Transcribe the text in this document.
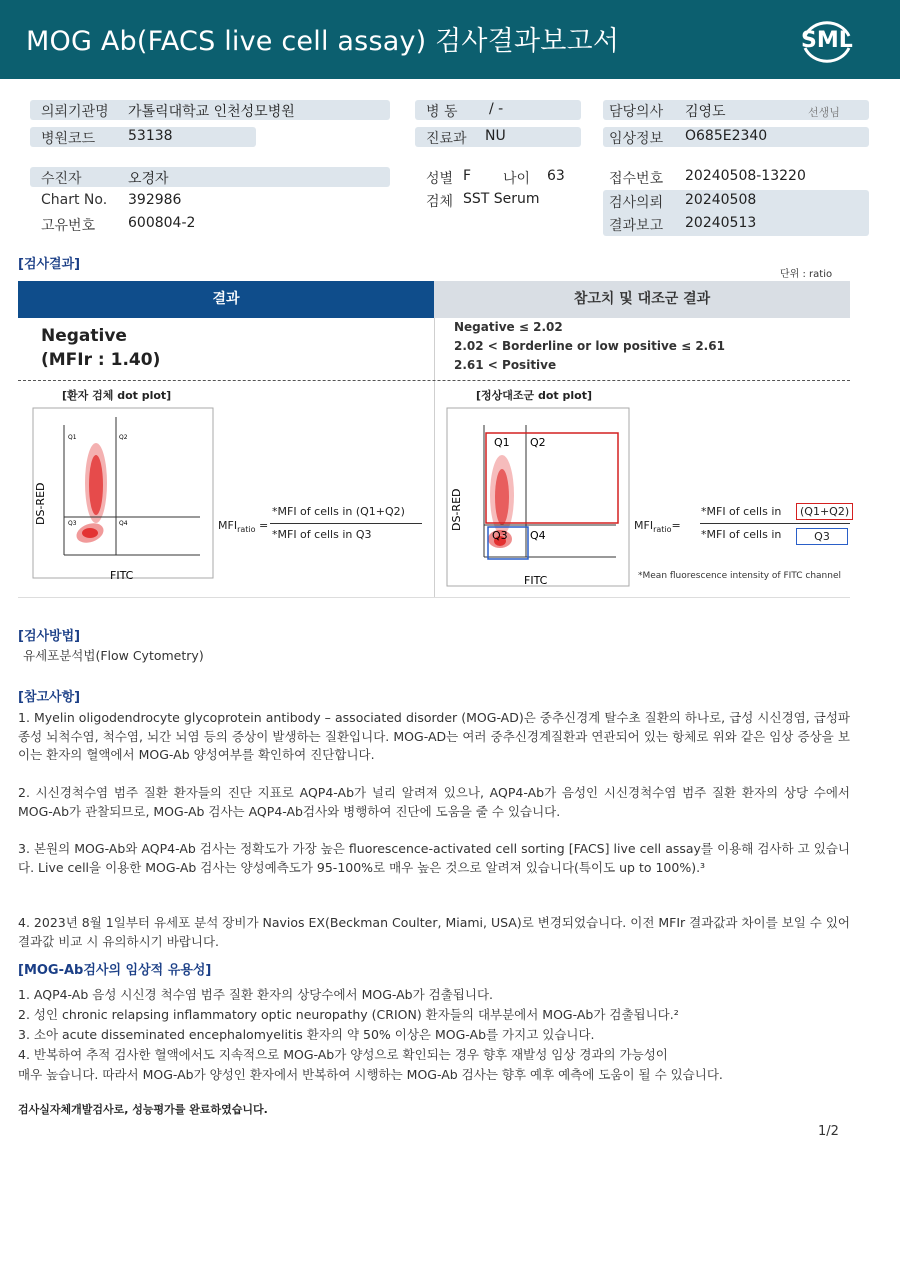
MOG Ab(FACS live cell assay) 검사결과보고서	SML
의뢰기관명 가톨릭대학교 인천성모병원
병원코드 53138
병 동 / -
진료과 NU
담당의사 김영도	선생님
임상정보 O685E2340
수진자	오경자
Chart No. 392986
고유번호 600804-2
성별 F 나이 63
검체 SST Serum
접수번호 20240508-13220
검사의뢰 20240508
결과보고 20240513
[검사결과]
단위 : ratio
결과	참고치 및 대조군 결과
Negative
(MFIr : 1.40)
Negative ≤ 2.02
2.02 < Borderline or low positive ≤ 2.61
2.61 < Positive
[환자 검체 dot plot]
Q1	Q2
Q3	Q4
FITC
DS-RED
$MFI_{ratio}$ =
*MFI of cells in (Q1+Q2)
*MFI of cells in Q3
[정상대조군 dot plot]
Q1 Q2
Q3 Q4
FITC
DS-RED	$MFI_{ratio}=$
*MFI of cells in	(Q1+Q2)
*MFI of cells in	Q3
*Mean fluorescence intensity of FITC channel
[검사방법]
유세포분석법(Flow Cytometry)
[참고사항]
1. Myelin oligodendrocyte glycoprotein antibody – associated disorder (MOG-AD)은 중추신경계 탈수초 질환의 하나로, 급성 시신경염, 급성파종성 뇌척수염, 척수염, 뇌간 뇌염 등의 증상이 발생하는 질환입니다. MOG-AD는 여러 중추신경계질환과 연관되어 있는 항체로 위와 같은 임상 증상을 보이는 환자의 혈액에서 MOG-Ab 양성여부를 확인하여 진단합니다.
2. 시신경척수염 범주 질환 환자들의 진단 지표로 AQP4-Ab가 널리 알려져 있으나, AQP4-Ab가 음성인 시신경척수염 범주 질환 환자의 상당 수에서 MOG-Ab가 관찰되므로, MOG-Ab 검사는 AQP4-Ab검사와 병행하여 진단에 도움을 줄 수 있습니다.
3. 본원의 MOG-Ab와 AQP4-Ab 검사는 정확도가 가장 높은 fluorescence-activated cell sorting [FACS] live cell assay를 이용해 검사하 고 있습니다. Live cell을 이용한 MOG-Ab 검사는 양성예측도가 95-100%로 매우 높은 것으로 알려져 있습니다(특이도 up to 100%).³
4. 2023년 8월 1일부터 유세포 분석 장비가 Navios EX(Beckman Coulter, Miami, USA)로 변경되었습니다. 이전 MFIr 결과값과 차이를 보일 수 있어 결과값 비교 시 유의하시기 바랍니다.
[MOG-Ab검사의 임상적 유용성]
1. AQP4-Ab 음성 시신경 척수염 범주 질환 환자의 상당수에서 MOG-Ab가 검출됩니다.
2. 성인 chronic relapsing inflammatory optic neuropathy (CRION) 환자들의 대부분에서 MOG-Ab가 검출됩니다.²
3. 소아 acute disseminated encephalomyelitis 환자의 약 50% 이상은 MOG-Ab를 가지고 있습니다.
4. 반복하여 추적 검사한 혈액에서도 지속적으로 MOG-Ab가 양성으로 확인되는 경우 향후 재발성 임상 경과의 가능성이
매우 높습니다. 따라서 MOG-Ab가 양성인 환자에서 반복하여 시행하는 MOG-Ab 검사는 향후 예후 예측에 도움이 될 수 있습니다.
검사실자체개발검사로, 성능평가를 완료하였습니다.
1/2
